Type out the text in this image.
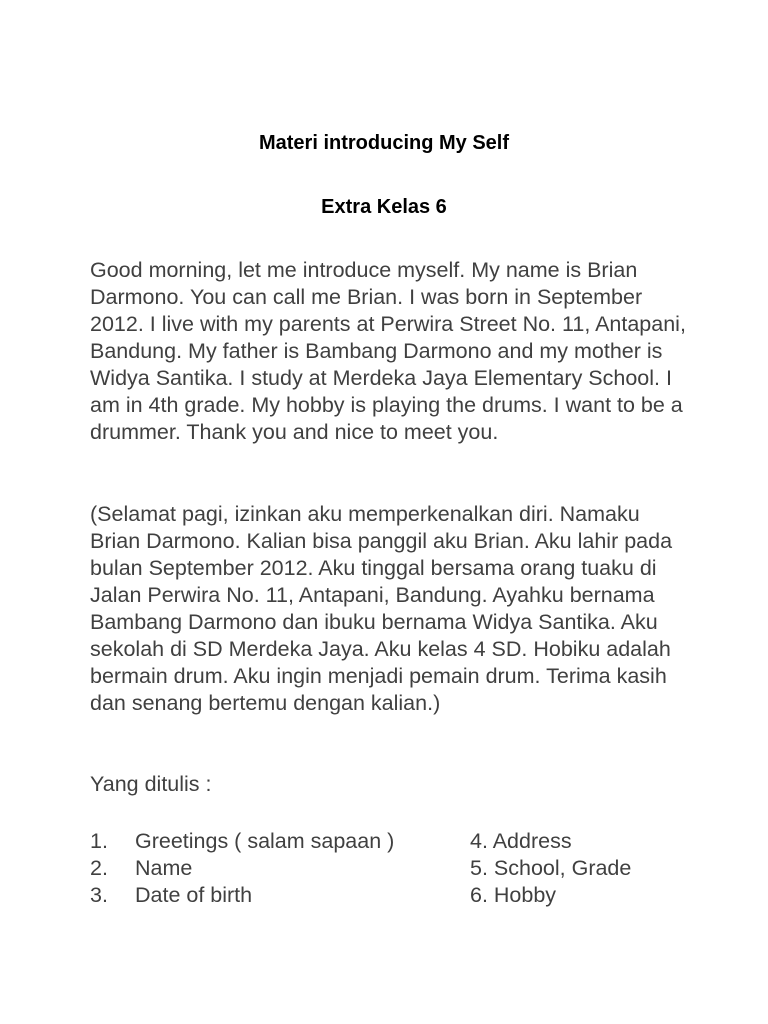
Materi introducing My Self
Extra Kelas 6
Good morning, let me introduce myself. My name is Brian Darmono. You can call me Brian. I was born in September 2012. I live with my parents at Perwira Street No. 11, Antapani, Bandung. My father is Bambang Darmono and my mother is Widya Santika. I study at Merdeka Jaya Elementary School. I am in 4th grade. My hobby is playing the drums. I want to be a drummer. Thank you and nice to meet you.
(Selamat pagi, izinkan aku memperkenalkan diri. Namaku Brian Darmono. Kalian bisa panggil aku Brian. Aku lahir pada bulan September 2012. Aku tinggal bersama orang tuaku di Jalan Perwira No. 11, Antapani, Bandung. Ayahku bernama Bambang Darmono dan ibuku bernama Widya Santika. Aku sekolah di SD Merdeka Jaya. Aku kelas 4 SD. Hobiku adalah bermain drum. Aku ingin menjadi pemain drum. Terima kasih dan senang bertemu dengan kalian.)
Yang ditulis :
1. Greetings ( salam sapaan )	4. Address
2. Name	5. School, Grade
3. Date of birth	6. Hobby
